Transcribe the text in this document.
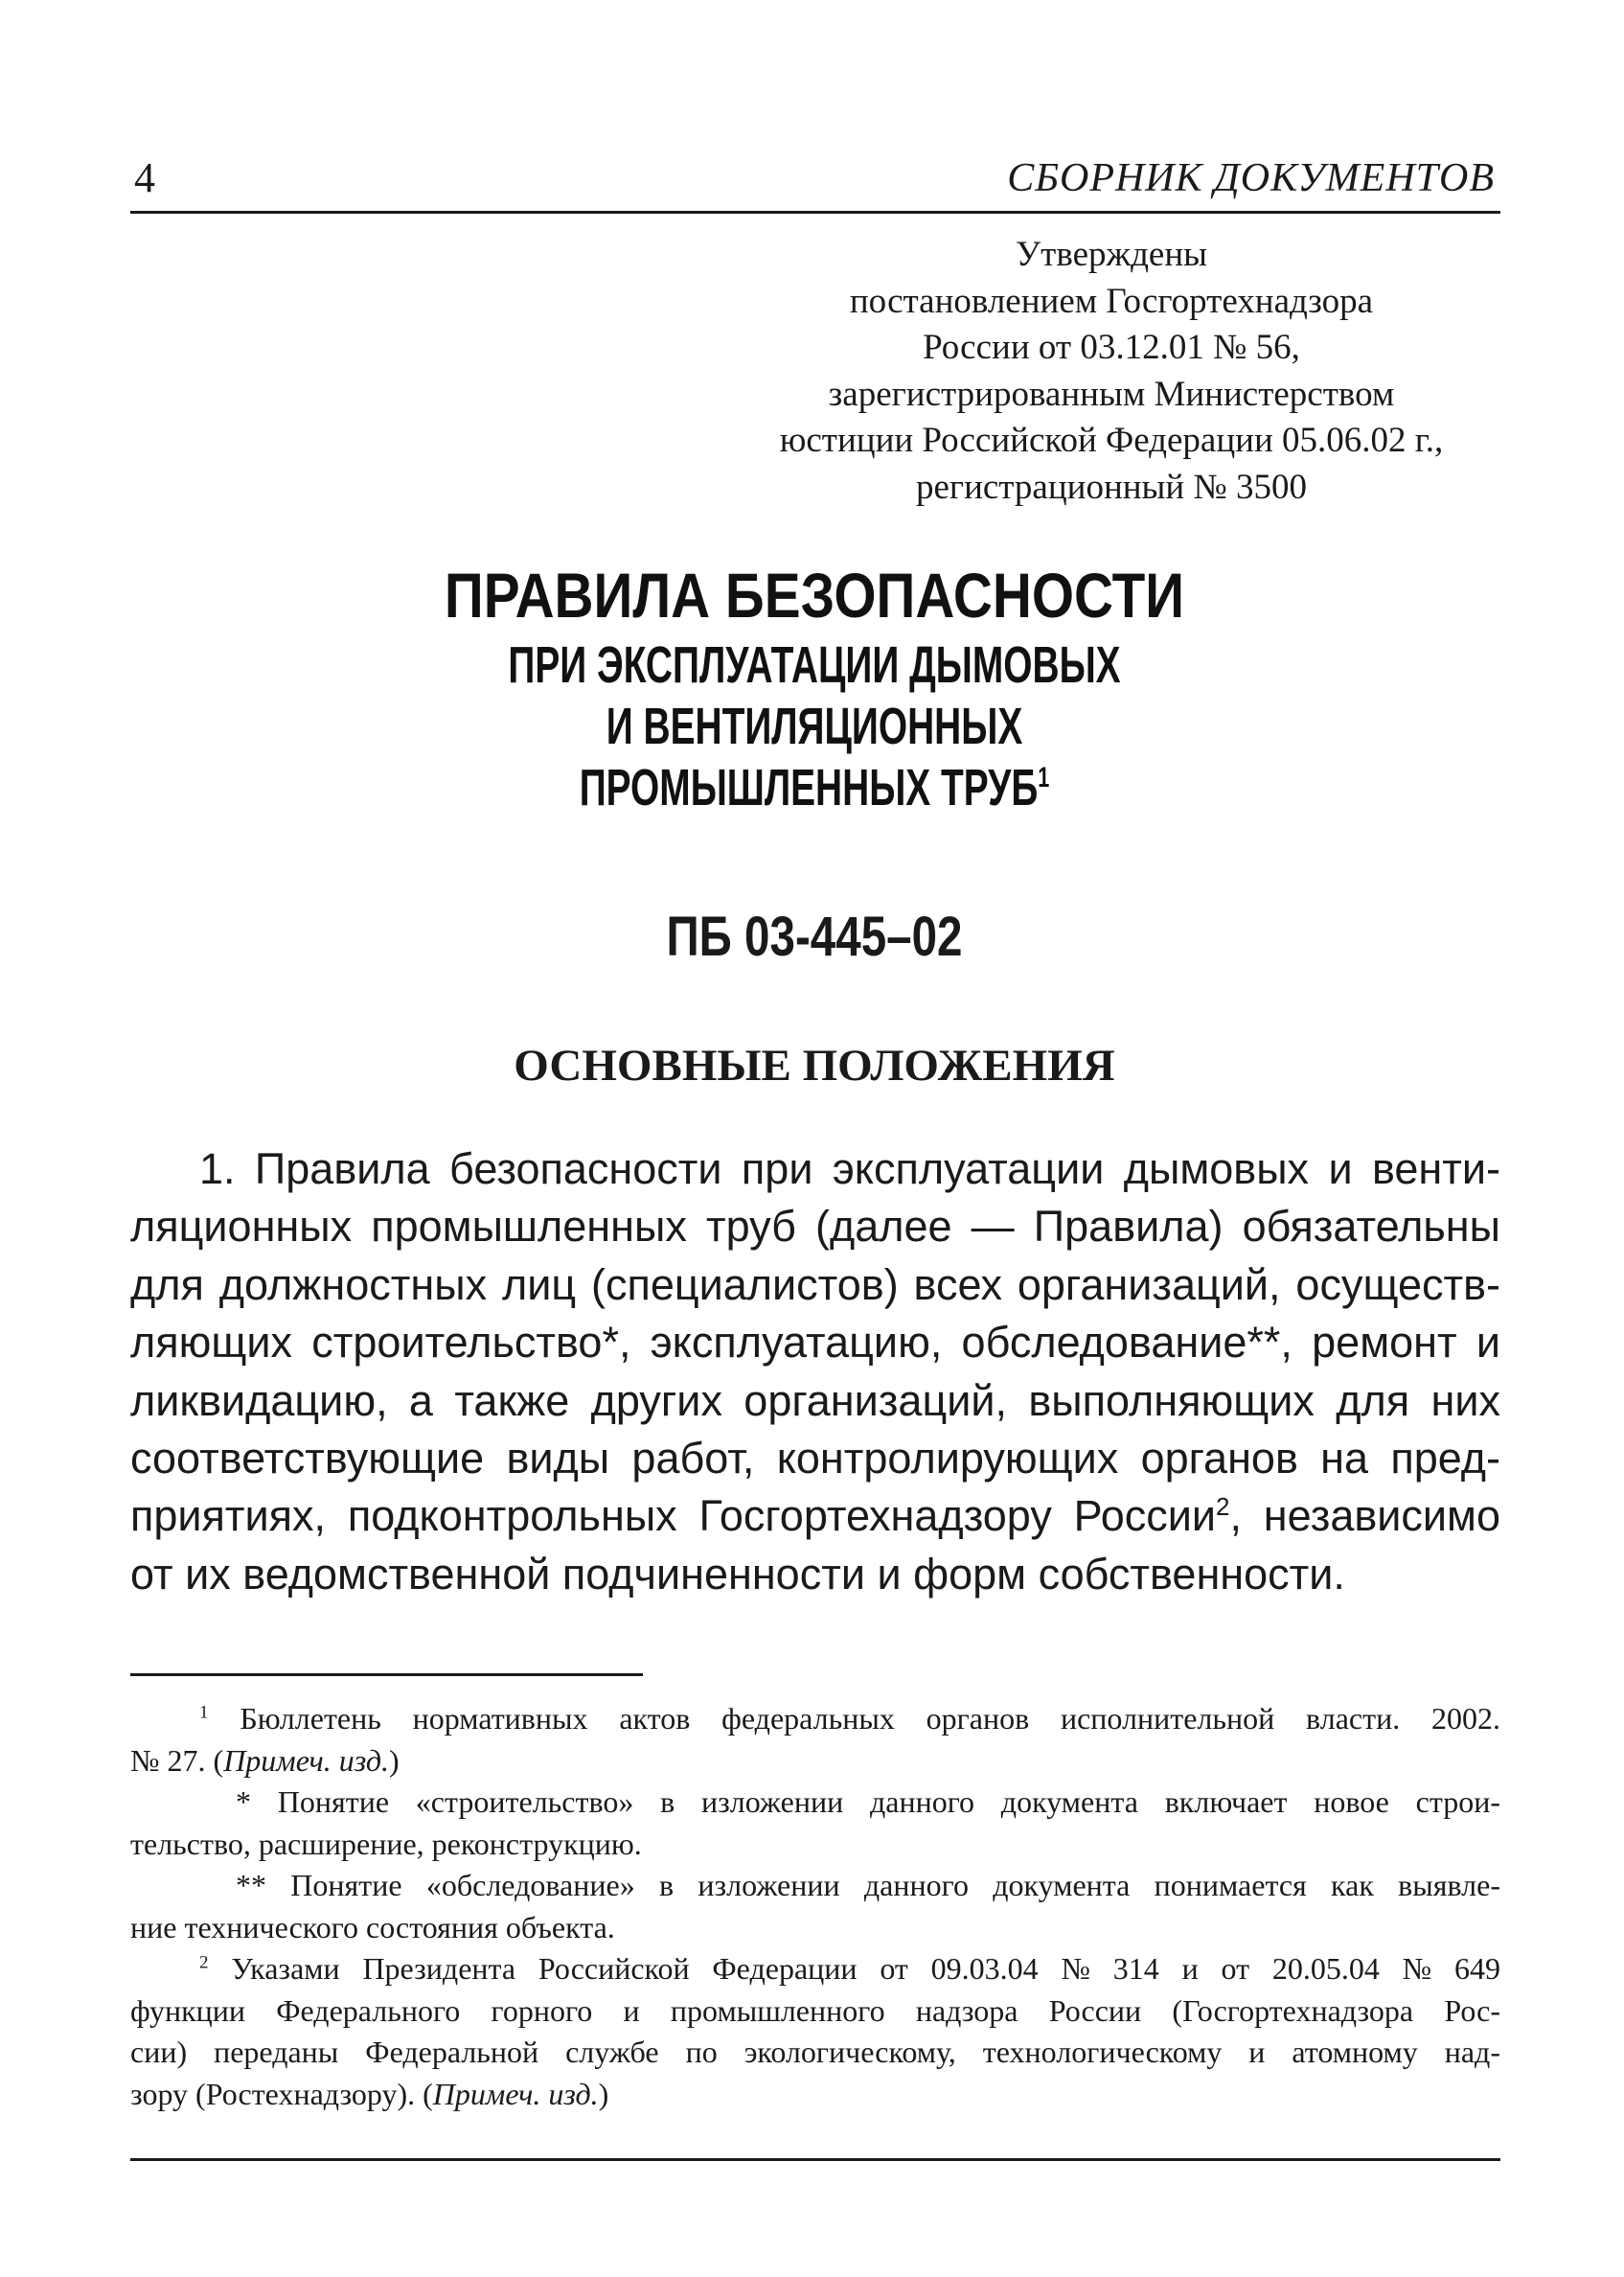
4	СБОРНИК ДОКУМЕНТОВ
Утверждены
постановлением Госгортехнадзора
России от 03.12.01 № 56,
зарегистрированным Министерством
юстиции Российской Федерации 05.06.02 г.,
регистрационный № 3500
ПРАВИЛА БЕЗОПАСНОСТИ
ПРИ ЭКСПЛУАТАЦИИ ДЫМОВЫХ
И ВЕНТИЛЯЦИОННЫХ
ПРОМЫШЛЕННЫХ ТРУБ$^1$
ПБ 03-445–02
ОСНОВНЫЕ ПОЛОЖЕНИЯ
1. Правила безопасности при эксплуатации дымовых и венти-
ляционных промышленных труб (далее — Правила) обязательны
для должностных лиц (специалистов) всех организаций, осуществ-
ляющих строительство*, эксплуатацию, обследование**, ремонт и
ликвидацию, а также других организаций, выполняющих для них
соответствующие виды работ, контролирующих органов на пред-
приятиях, подконтрольных Госгортехнадзору России$^2$, независимо
от их ведомственной подчиненности и форм собственности.
$^1$ Бюллетень нормативных актов федеральных органов исполнительной власти. 2002.
№ 27. ( Примеч. изд. )
* Понятие «строительство» в изложении данного документа включает новое строи-
тельство, расширение, реконструкцию.
** Понятие «обследование» в изложении данного документа понимается как выявле-
ние технического состояния объекта.
$^2$ Указами Президента Российской Федерации от 09.03.04 № 314 и от 20.05.04 № 649
функции Федерального горного и промышленного надзора России (Госгортехнадзора Рос-
сии) переданы Федеральной службе по экологическому, технологическому и атомному над-
зору (Ростехнадзору). ( Примеч. изд. )
